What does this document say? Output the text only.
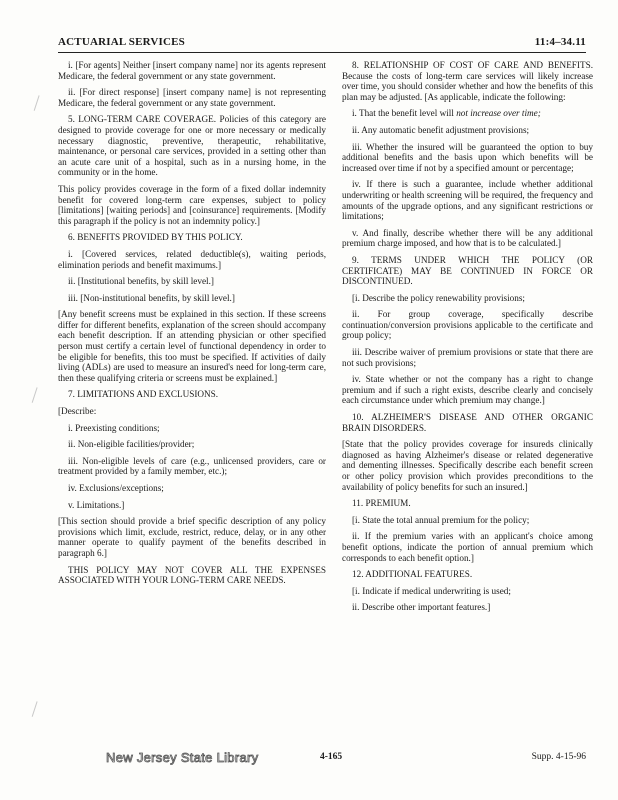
ACTUARIAL SERVICES	11:4–34.11

i. [For agents] Neither [insert company name] nor its agents represent Medicare, the federal government or any state government.

ii. [For direct response] [insert company name] is not representing Medicare, the federal government or any state government.

5. LONG-TERM CARE COVERAGE. Policies of this category are designed to provide coverage for one or more necessary or medically necessary diagnostic, preventive, therapeutic, rehabilitative, maintenance, or personal care services, provided in a setting other than an acute care unit of a hospital, such as in a nursing home, in the community or in the home.

This policy provides coverage in the form of a fixed dollar indemnity benefit for covered long-term care expenses, subject to policy [limitations] [waiting periods] and [coinsurance] requirements. [Modify this paragraph if the policy is not an indemnity policy.]

6. BENEFITS PROVIDED BY THIS POLICY.

i. [Covered services, related deductible(s), waiting periods, elimination periods and benefit maximums.]

ii. [Institutional benefits, by skill level.]

iii. [Non-institutional benefits, by skill level.]

[Any benefit screens must be explained in this section. If these screens differ for different benefits, explanation of the screen should accompany each benefit description. If an attending physician or other specified person must certify a certain level of functional dependency in order to be eligible for benefits, this too must be specified. If activities of daily living (ADLs) are used to measure an insured's need for long-term care, then these qualifying criteria or screens must be explained.]

7. LIMITATIONS AND EXCLUSIONS.

[Describe:

i. Preexisting conditions;

ii. Non-eligible facilities/provider;

iii. Non-eligible levels of care (e.g., unlicensed providers, care or treatment provided by a family member, etc.);

iv. Exclusions/exceptions;

v. Limitations.]

[This section should provide a brief specific description of any policy provisions which limit, exclude, restrict, reduce, delay, or in any other manner operate to qualify payment of the benefits described in paragraph 6.]

THIS POLICY MAY NOT COVER ALL THE EXPENSES ASSOCIATED WITH YOUR LONG-TERM CARE NEEDS.

8. RELATIONSHIP OF COST OF CARE AND BENEFITS. Because the costs of long-term care services will likely increase over time, you should consider whether and how the benefits of this plan may be adjusted. [As applicable, indicate the following:

i. That the benefit level will not increase over time;

ii. Any automatic benefit adjustment provisions;

iii. Whether the insured will be guaranteed the option to buy additional benefits and the basis upon which benefits will be increased over time if not by a specified amount or percentage;

iv. If there is such a guarantee, include whether additional underwriting or health screening will be required, the frequency and amounts of the upgrade options, and any significant restrictions or limitations;

v. And finally, describe whether there will be any additional premium charge imposed, and how that is to be calculated.]

9. TERMS UNDER WHICH THE POLICY (OR CERTIFICATE) MAY BE CONTINUED IN FORCE OR DISCONTINUED.

[i. Describe the policy renewability provisions;

ii. For group coverage, specifically describe continuation/conversion provisions applicable to the certificate and group policy;

iii. Describe waiver of premium provisions or state that there are not such provisions;

iv. State whether or not the company has a right to change premium and if such a right exists, describe clearly and concisely each circumstance under which premium may change.]

10. ALZHEIMER'S DISEASE AND OTHER ORGANIC BRAIN DISORDERS.

[State that the policy provides coverage for insureds clinically diagnosed as having Alzheimer's disease or related degenerative and dementing illnesses. Specifically describe each benefit screen or other policy provision which provides preconditions to the availability of policy benefits for such an insured.]

11. PREMIUM.

[i. State the total annual premium for the policy;

ii. If the premium varies with an applicant's choice among benefit options, indicate the portion of annual premium which corresponds to each benefit option.]

12. ADDITIONAL FEATURES.

[i. Indicate if medical underwriting is used;

ii. Describe other important features.]

New Jersey State Library	4-165	Supp. 4-15-96
